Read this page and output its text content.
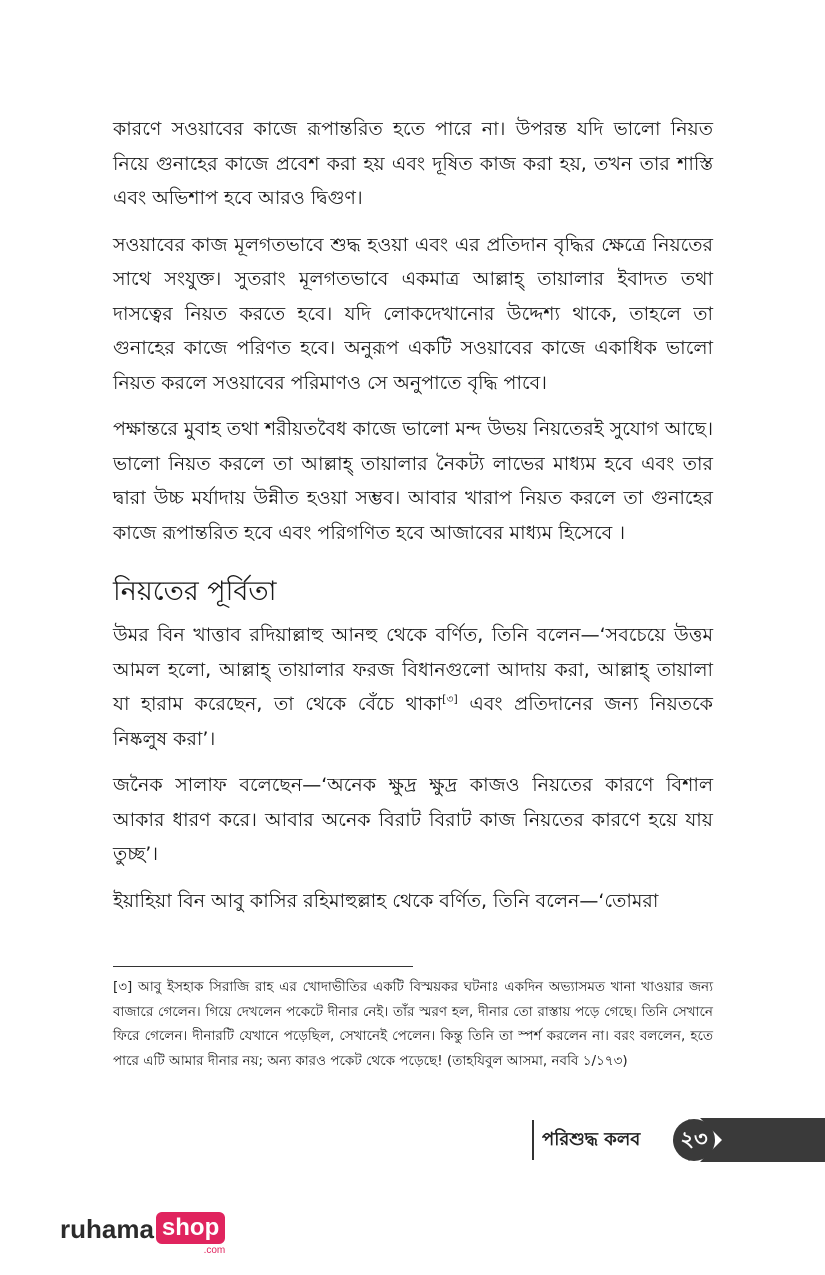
কারণে সওয়াবের কাজে রূপান্তরিত হতে পারে না। উপরন্ত যদি ভালো নিয়ত নিয়ে গুনাহের কাজে প্রবেশ করা হয় এবং দূষিত কাজ করা হয়, তখন তার শাস্তি এবং অভিশাপ হবে আরও দ্বিগুণ।

সওয়াবের কাজ মূলগতভাবে শুদ্ধ হওয়া এবং এর প্রতিদান বৃদ্ধির ক্ষেত্রে নিয়তের সাথে সংযুক্ত। সুতরাং মূলগতভাবে একমাত্র আল্লাহ্ তায়ালার ইবাদত তথা দাসত্বের নিয়ত করতে হবে। যদি লোকদেখানোর উদ্দেশ্য থাকে, তাহলে তা গুনাহের কাজে পরিণত হবে। অনুরূপ একটি সওয়াবের কাজে একাধিক ভালো নিয়ত করলে সওয়াবের পরিমাণও সে অনুপাতে বৃদ্ধি পাবে।

পক্ষান্তরে মুবাহ তথা শরীয়তবৈধ কাজে ভালো মন্দ উভয় নিয়তেরই সুযোগ আছে। ভালো নিয়ত করলে তা আল্লাহ্ তায়ালার নৈকট্য লাভের মাধ্যম হবে এবং তার দ্বারা উচ্চ মর্যাদায় উন্নীত হওয়া সম্ভব। আবার খারাপ নিয়ত করলে তা গুনাহের কাজে রূপান্তরিত হবে এবং পরিগণিত হবে আজাবের মাধ্যম হিসেবে ।

নিয়তের পূর্বিতা

উমর বিন খাত্তাব রদিয়াল্লাহু আনহু থেকে বর্ণিত, তিনি বলেন—‘সবচেয়ে উত্তম আমল হলো, আল্লাহ্ তায়ালার ফরজ বিধানগুলো আদায় করা, আল্লাহ্ তায়ালা যা হারাম করেছেন, তা থেকে বেঁচে থাকা[৩] এবং প্রতিদানের জন্য নিয়তকে নিষ্কলুষ করা’।

জনৈক সালাফ বলেছেন—‘অনেক ক্ষুদ্র ক্ষুদ্র কাজও নিয়তের কারণে বিশাল আকার ধারণ করে। আবার অনেক বিরাট বিরাট কাজ নিয়তের কারণে হয়ে যায় তুচ্ছ’।

ইয়াহিয়া বিন আবু কাসির রহিমাহুল্লাহ থেকে বর্ণিত, তিনি বলেন—‘তোমরা

[৩] আবু ইসহাক সিরাজি রাহ এর খোদাভীতির একটি বিস্ময়কর ঘটনাঃ একদিন অভ্যাসমত খানা খাওয়ার জন্য বাজারে গেলেন। গিয়ে দেখলেন পকেটে দীনার নেই। তাঁর স্মরণ হল, দীনার তো রাস্তায় পড়ে গেছে। তিনি সেখানে ফিরে গেলেন। দীনারটি যেখানে পড়েছিল, সেখানেই পেলেন। কিন্তু তিনি তা স্পর্শ করলেন না। বরং বললেন, হতে পারে এটি আমার দীনার নয়; অন্য কারও পকেট থেকে পড়েছে! (তাহযিবুল আসমা, নববি ১/১৭৩)

পরিশুদ্ধ কলব	২৩
ruhama shop
.com
